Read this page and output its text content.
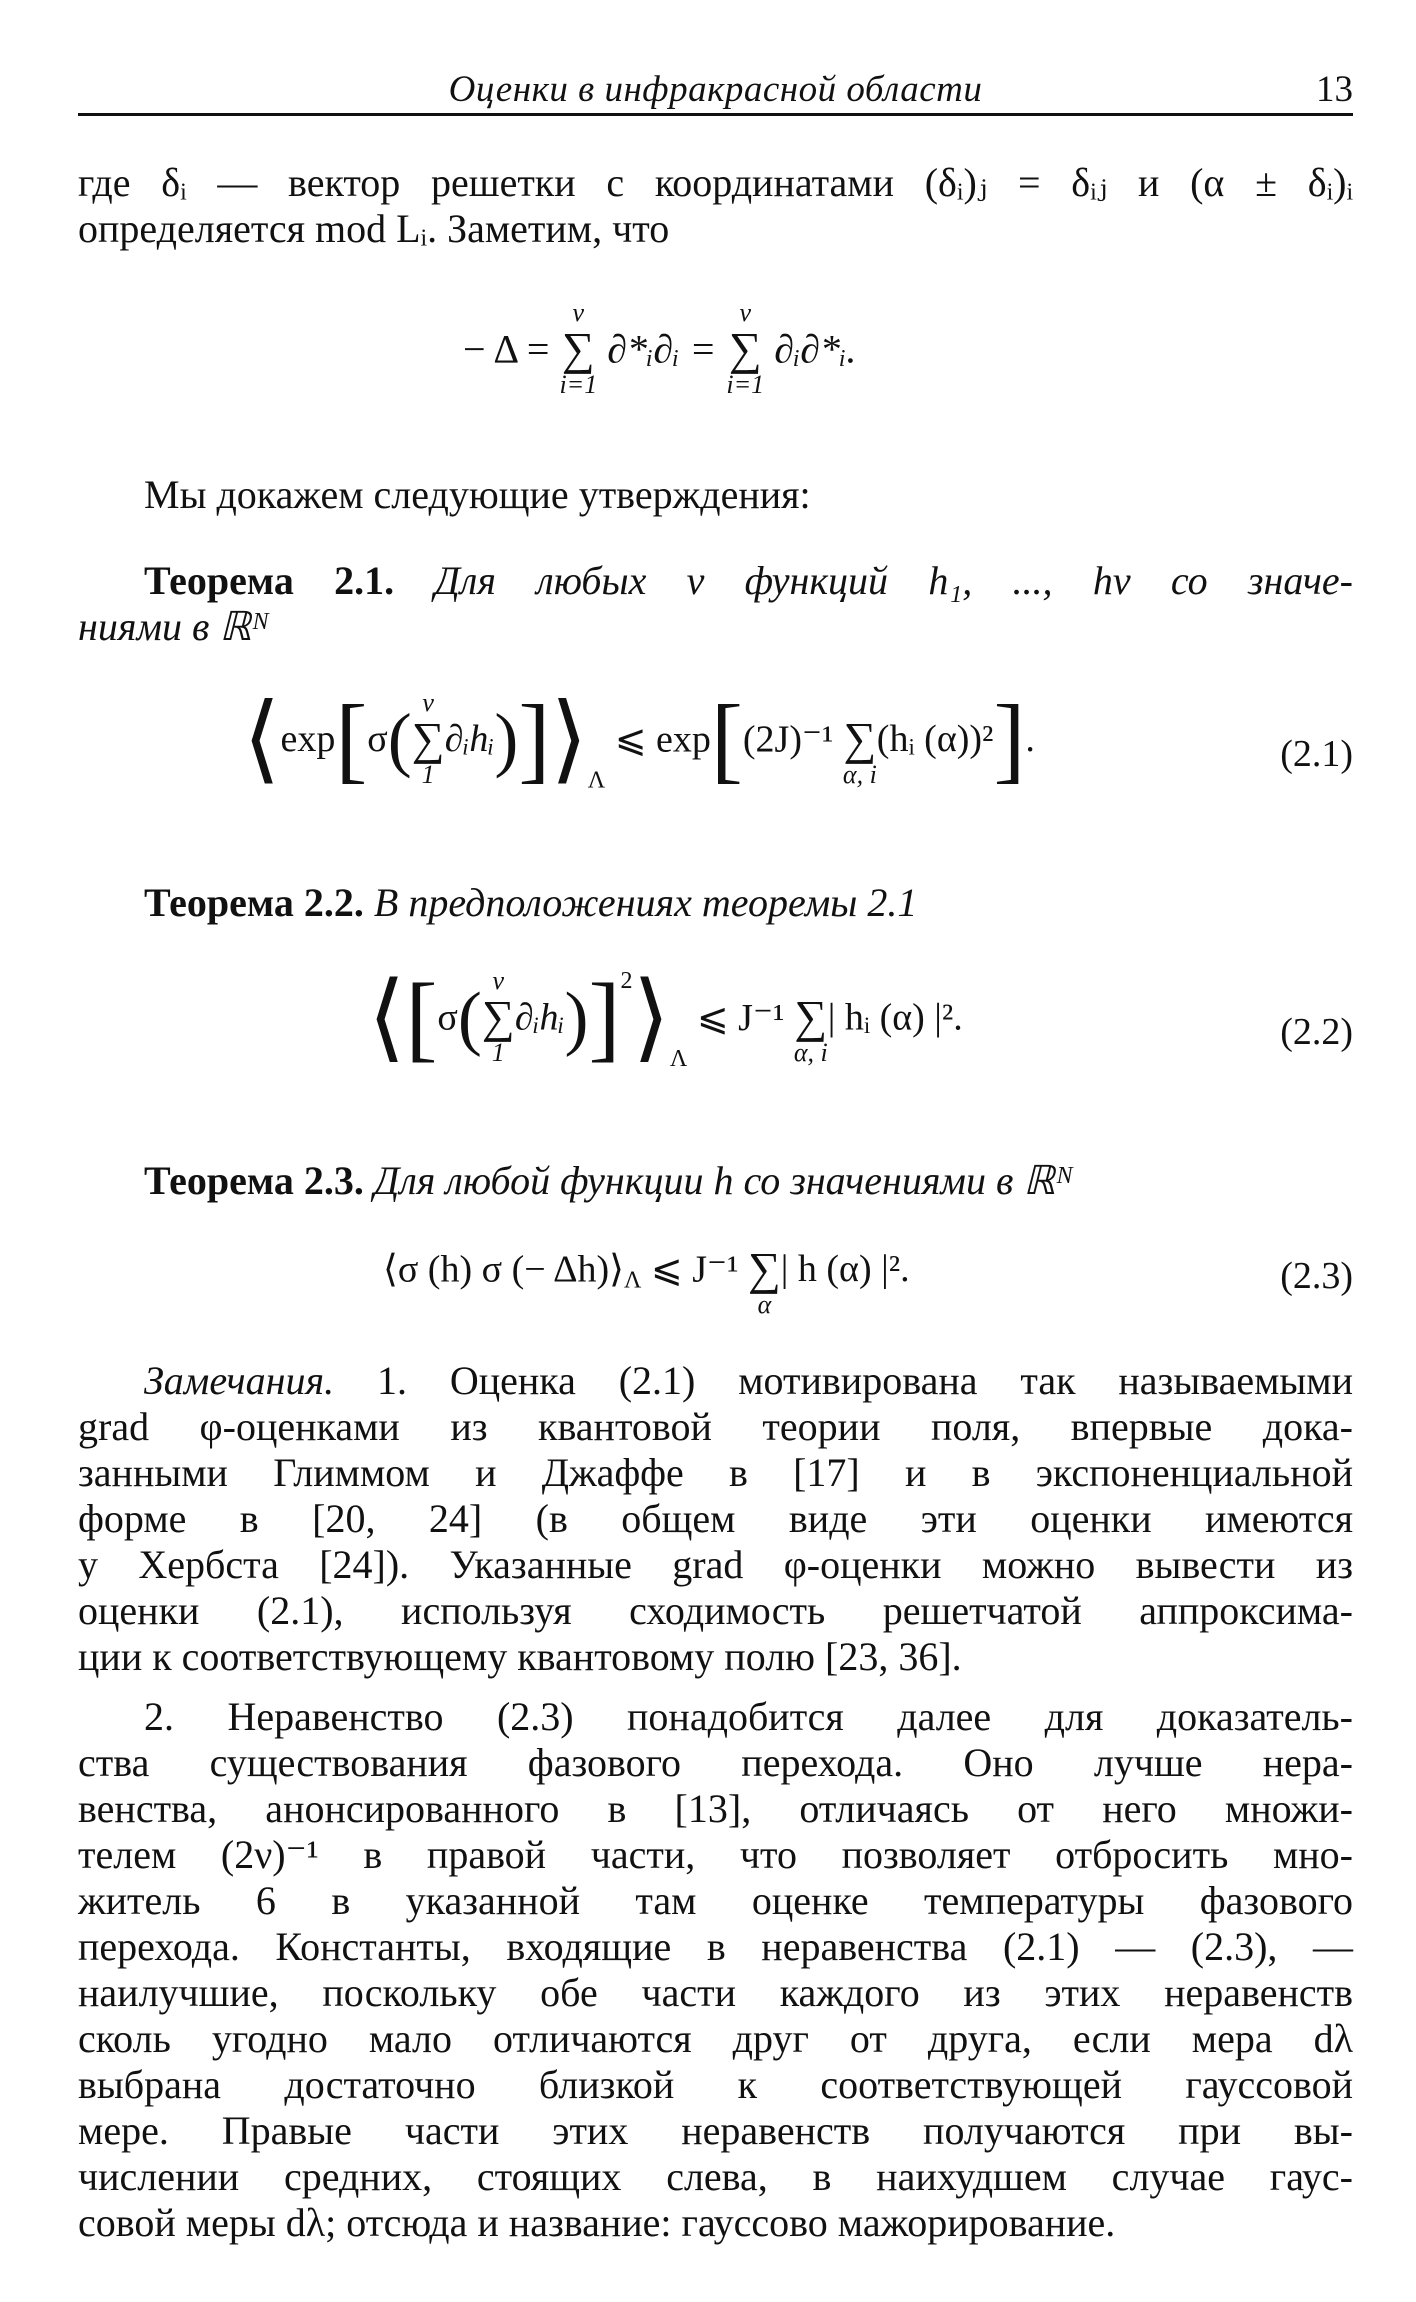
Оценки в инфракрасной области	13
где δᵢ — вектор решетки с координатами (δᵢ)ⱼ = δᵢⱼ и (α ± δᵢ)ᵢ
определяется mod Lᵢ. Заметим, что
− Δ =
ν
∑
i=1
∂*ᵢ∂ᵢ =
ν
∑
i=1
∂ᵢ∂*ᵢ.
Мы докажем следующие утверждения:
Теорема 2.1. Для любых ν функций h₁, ..., hν со значе-
ниями в ℝᴺ
⟨exp[σ( ν
∑
1
$\partial ᵢhᵢ)]⟩_\Lambda$ ⩽ exp[(2J)⁻¹
∑
α, i
(hᵢ (α))²].	(2.1)
Теорема 2.2. В предположениях теоремы 2.1
⟨[σ( ν
∑
1
$\partial ᵢhᵢ)]^2⟩_\Lambda$ ⩽ J⁻¹
∑
α, i
| hᵢ (α) |².	(2.2)
Теорема 2.3. Для любой функции h со значениями в ℝᴺ
⟨σ (h) σ (− $\Delta h)⟩_\Lambda$ ⩽ J⁻¹
∑
α
| h (α) |².	(2.3)
Замечания. 1. Оценка (2.1) мотивирована так называемыми
grad φ-оценками из квантовой теории поля, впервые дока-
занными Глиммом и Джаффе в [17] и в экспоненциальной
форме в [20, 24] (в общем виде эти оценки имеются
у Хербста [24]). Указанные grad φ-оценки можно вывести из
оценки (2.1), используя сходимость решетчатой аппроксима-
ции к соответствующему квантовому полю [23, 36].
2. Неравенство (2.3) понадобится далее для доказатель-
ства существования фазового перехода. Оно лучше нера-
венства, анонсированного в [13], отличаясь от него множи-
телем (2ν)⁻¹ в правой части, что позволяет отбросить мно-
житель 6 в указанной там оценке температуры фазового
перехода. Константы, входящие в неравенства (2.1) — (2.3), —
наилучшие, поскольку обе части каждого из этих неравенств
сколь угодно мало отличаются друг от друга, если мера dλ
выбрана достаточно близкой к соответствующей гауссовой
мере. Правые части этих неравенств получаются при вы-
числении средних, стоящих слева, в наихудшем случае гаус-
совой меры dλ; отсюда и название: гауссово мажорирование.
